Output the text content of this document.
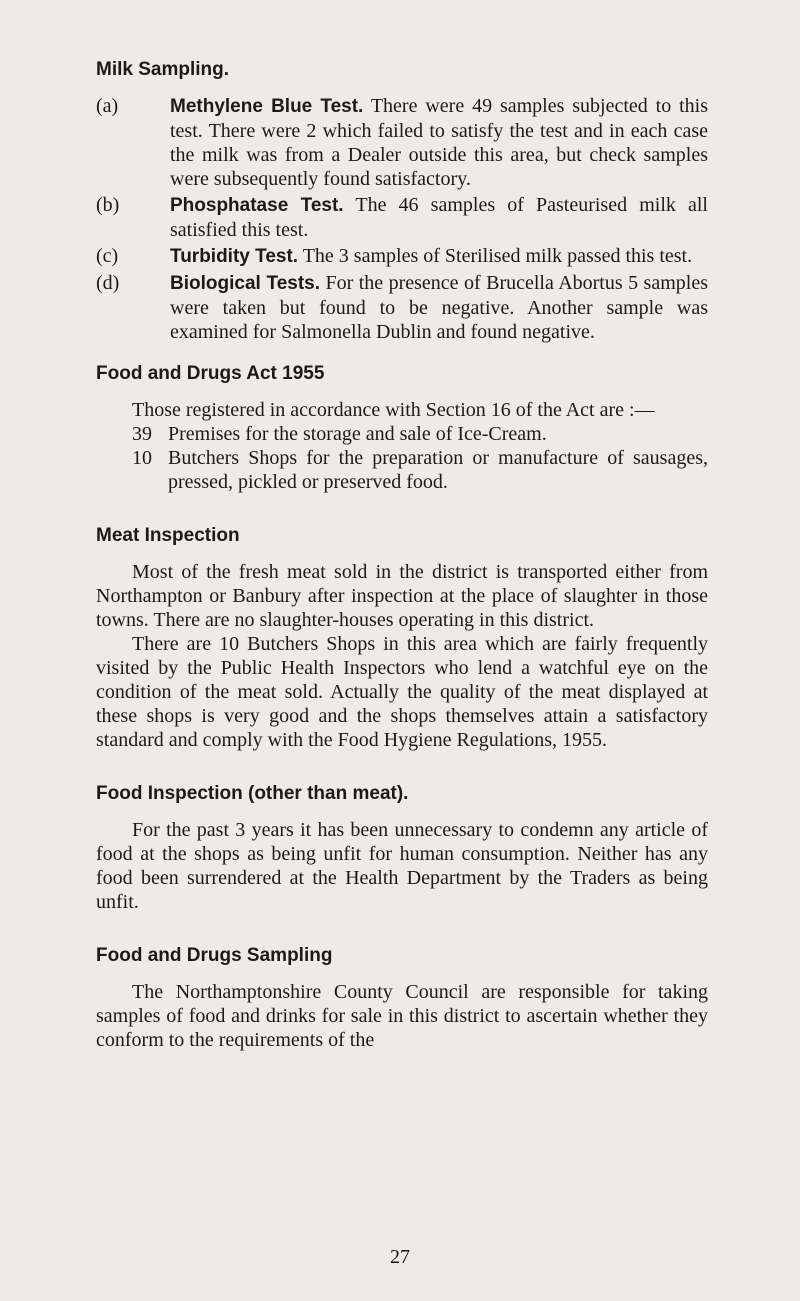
Milk Sampling.
(a)	Methylene Blue Test. There were 49 samples subjected to this test. There were 2 which failed to satisfy the test and in each case the milk was from a Dealer outside this area, but check samples were subsequently found satisfactory.
(b)	Phosphatase Test. The 46 samples of Pasteurised milk all satisfied this test.
(c)	Turbidity Test. The 3 samples of Sterilised milk passed this test.
(d)	Biological Tests. For the presence of Brucella Abortus 5 samples were taken but found to be negative. Another sample was examined for Salmonella Dublin and found negative.
Food and Drugs Act 1955

Those registered in accordance with Section 16 of the Act are :—

39 Premises for the storage and sale of Ice-Cream.
10 Butchers Shops for the preparation or manufacture of sausages, pressed, pickled or preserved food.
Meat Inspection

Most of the fresh meat sold in the district is transported either from Northampton or Banbury after inspection at the place of slaughter in those towns. There are no slaughter-houses operating in this district.

There are 10 Butchers Shops in this area which are fairly frequently visited by the Public Health Inspectors who lend a watchful eye on the condition of the meat sold. Actually the quality of the meat displayed at these shops is very good and the shops themselves attain a satisfactory standard and comply with the Food Hygiene Regulations, 1955.

Food Inspection (other than meat).

For the past 3 years it has been unnecessary to condemn any article of food at the shops as being unfit for human consumption. Neither has any food been surrendered at the Health Department by the Traders as being unfit.

Food and Drugs Sampling

The Northamptonshire County Council are responsible for taking samples of food and drinks for sale in this district to ascertain whether they conform to the requirements of the

27
